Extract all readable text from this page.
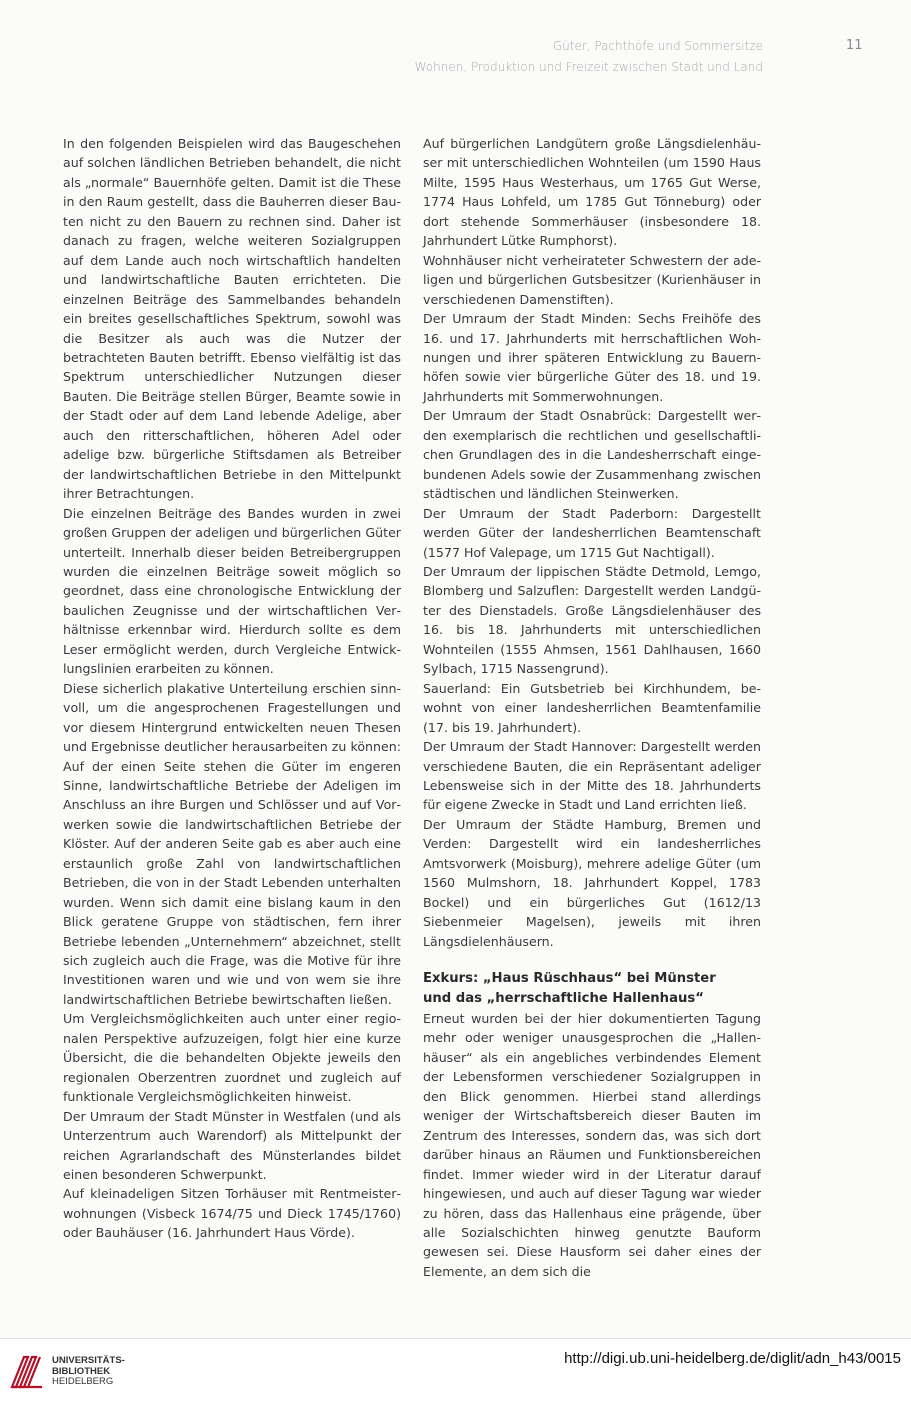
Güter, Pachthöfe und Sommersitze
Wohnen, Produktion und Freizeit zwischen Stadt und Land
11

In den folgenden Beispielen wird das Baugeschehen auf solchen ländlichen Betrieben behandelt, die nicht als „normale“ Bauernhöfe gelten. Damit ist die These in den Raum gestellt, dass die Bauherren dieser Bauten nicht zu den Bauern zu rechnen sind. Daher ist danach zu fragen, welche weiteren Sozialgruppen auf dem Lande auch noch wirtschaftlich handelten und landwirtschaftliche Bauten errichteten. Die einzelnen Beiträge des Sammelbandes behandeln ein breites gesellschaftliches Spektrum, sowohl was die Besitzer als auch was die Nutzer der betrachteten Bauten betrifft. Ebenso vielfältig ist das Spektrum unterschiedlicher Nutzungen dieser Bauten. Die Beiträge stellen Bürger, Beamte sowie in der Stadt oder auf dem Land lebende Adelige, aber auch den ritterschaftlichen, höheren Adel oder adelige bzw. bürgerliche Stiftsdamen als Betreiber der landwirtschaftlichen Betriebe in den Mittelpunkt ihrer Betrachtungen.

Die einzelnen Beiträge des Bandes wurden in zwei großen Gruppen der adeligen und bürgerlichen Güter unterteilt. Innerhalb dieser beiden Betreibergruppen wurden die einzelnen Beiträge soweit möglich so geordnet, dass eine chronologische Entwicklung der baulichen Zeugnisse und der wirtschaftlichen Verhältnisse erkennbar wird. Hierdurch sollte es dem Leser ermöglicht werden, durch Vergleiche Entwicklungslinien erarbeiten zu können.

Diese sicherlich plakative Unterteilung erschien sinnvoll, um die angesprochenen Fragestellungen und vor diesem Hintergrund entwickelten neuen Thesen und Ergebnisse deutlicher herausarbeiten zu können: Auf der einen Seite stehen die Güter im engeren Sinne, landwirtschaftliche Betriebe der Adeligen im Anschluss an ihre Burgen und Schlösser und auf Vorwerken sowie die landwirtschaftlichen Betriebe der Klöster. Auf der anderen Seite gab es aber auch eine erstaunlich große Zahl von landwirtschaftlichen Betrieben, die von in der Stadt Lebenden unterhalten wurden. Wenn sich damit eine bislang kaum in den Blick geratene Gruppe von städtischen, fern ihrer Betriebe lebenden „Unternehmern“ abzeichnet, stellt sich zugleich auch die Frage, was die Motive für ihre Investitionen waren und wie und von wem sie ihre landwirtschaftlichen Betriebe bewirtschaften ließen.

Um Vergleichsmöglichkeiten auch unter einer regionalen Perspektive aufzuzeigen, folgt hier eine kurze Übersicht, die die behandelten Objekte jeweils den regionalen Oberzentren zuordnet und zugleich auf funktionale Vergleichsmöglichkeiten hinweist.

Der Umraum der Stadt Münster in Westfalen (und als Unterzentrum auch Warendorf) als Mittelpunkt der reichen Agrarlandschaft des Münsterlandes bildet einen besonderen Schwerpunkt.

Auf kleinadeligen Sitzen Torhäuser mit Rentmeisterwohnungen (Visbeck 1674/75 und Dieck 1745/1760) oder Bauhäuser (16. Jahrhundert Haus Vörde).

Auf bürgerlichen Landgütern große Längsdielenhäuser mit unterschiedlichen Wohnteilen (um 1590 Haus Milte, 1595 Haus Westerhaus, um 1765 Gut Werse, 1774 Haus Lohfeld, um 1785 Gut Tönneburg) oder dort stehende Sommerhäuser (insbesondere 18. Jahrhundert Lütke Rumphorst).

Wohnhäuser nicht verheirateter Schwestern der adeligen und bürgerlichen Gutsbesitzer (Kurienhäuser in verschiedenen Damenstiften).

Der Umraum der Stadt Minden: Sechs Freihöfe des 16. und 17. Jahrhunderts mit herrschaftlichen Wohnungen und ihrer späteren Entwicklung zu Bauernhöfen sowie vier bürgerliche Güter des 18. und 19. Jahrhunderts mit Sommerwohnungen.

Der Umraum der Stadt Osnabrück: Dargestellt werden exemplarisch die rechtlichen und gesellschaftlichen Grundlagen des in die Landesherrschaft eingebundenen Adels sowie der Zusammenhang zwischen städtischen und ländlichen Steinwerken.

Der Umraum der Stadt Paderborn: Dargestellt werden Güter der landesherrlichen Beamtenschaft (1577 Hof Valepage, um 1715 Gut Nachtigall).

Der Umraum der lippischen Städte Detmold, Lemgo, Blomberg und Salzuflen: Dargestellt werden Landgüter des Dienstadels. Große Längsdielenhäuser des 16. bis 18. Jahrhunderts mit unterschiedlichen Wohnteilen (1555 Ahmsen, 1561 Dahlhausen, 1660 Sylbach, 1715 Nassengrund).

Sauerland: Ein Gutsbetrieb bei Kirchhundem, bewohnt von einer landesherrlichen Beamtenfamilie (17. bis 19. Jahrhundert).

Der Umraum der Stadt Hannover: Dargestellt werden verschiedene Bauten, die ein Repräsentant adeliger Lebensweise sich in der Mitte des 18. Jahrhunderts für eigene Zwecke in Stadt und Land errichten ließ.

Der Umraum der Städte Hamburg, Bremen und Verden: Dargestellt wird ein landesherrliches Amtsvorwerk (Moisburg), mehrere adelige Güter (um 1560 Mulmshorn, 18. Jahrhundert Koppel, 1783 Bockel) und ein bürgerliches Gut (1612/13 Siebenmeier Magelsen), jeweils mit ihren Längsdielenhäusern.

Exkurs: „Haus Rüschhaus“ bei Münster
und das „herrschaftliche Hallenhaus“

Erneut wurden bei der hier dokumentierten Tagung mehr oder weniger unausgesprochen die „Hallenhäuser“ als ein angebliches verbindendes Element der Lebensformen verschiedener Sozialgruppen in den Blick genommen. Hierbei stand allerdings weniger der Wirtschaftsbereich dieser Bauten im Zentrum des Interesses, sondern das, was sich dort darüber hinaus an Räumen und Funktionsbereichen findet. Immer wieder wird in der Literatur darauf hingewiesen, und auch auf dieser Tagung war wieder zu hören, dass das Hallenhaus eine prägende, über alle Sozialschichten hinweg genutzte Bauform gewesen sei. Diese Hausform sei daher eines der Elemente, an dem sich die

UNIVERSITÄTS-
BIBLIOTHEK
HEIDELBERG
http://digi.ub.uni-heidelberg.de/diglit/adn_h43/0015
